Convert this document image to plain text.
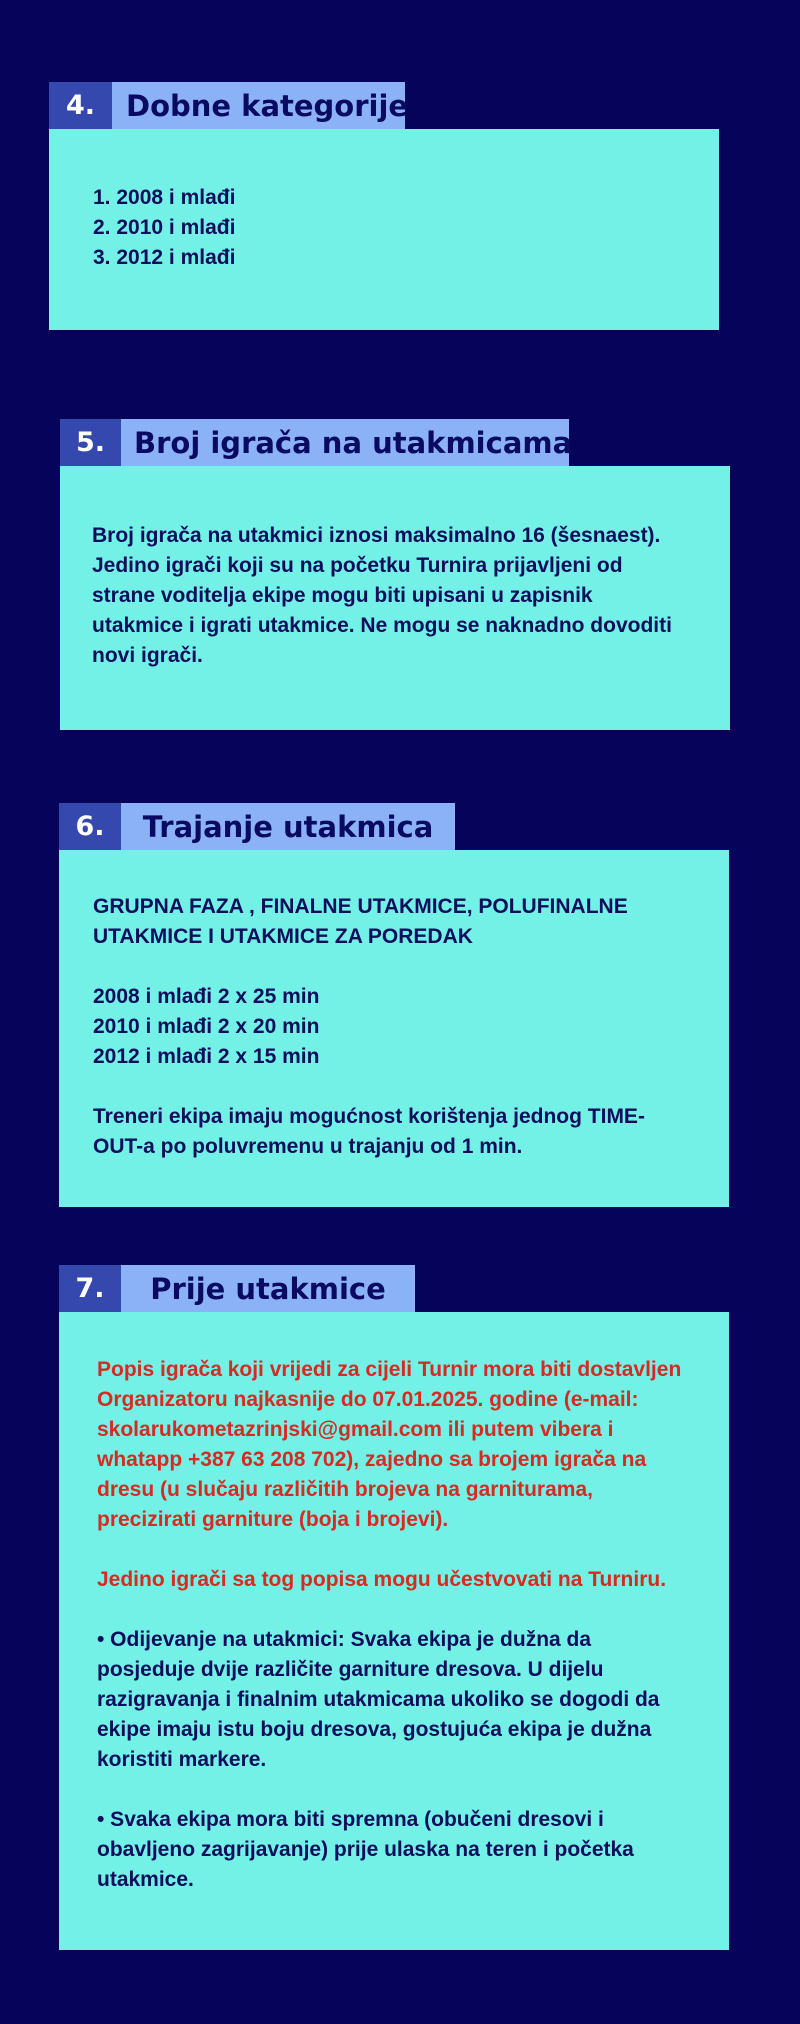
4.	Dobne kategorije

1. 2008 i mlađi

2. 2010 i mlađi

3. 2012 i mlađi

5. Broj igrača na utakmicama

Broj igrača na utakmici iznosi maksimalno 16 (šesnaest). Jedino igrači koji su na početku Turnira prijavljeni od strane voditelja ekipe mogu biti upisani u zapisnik utakmice i igrati utakmice. Ne mogu se naknadno dovoditi novi igrači.

6.	Trajanje utakmica

GRUPNA FAZA , FINALNE UTAKMICE, POLUFINALNE UTAKMICE I UTAKMICE ZA POREDAK

2008 i mlađi 2 x 25 min

2010 i mlađi 2 x 20 min

2012 i mlađi 2 x 15 min

Treneri ekipa imaju mogućnost korištenja jednog TIME-OUT-a po poluvremenu u trajanju od 1 min.

7.	Prije utakmice

Popis igrača koji vrijedi za cijeli Turnir mora biti dostavljen Organizatoru najkasnije do 07.01.2025. godine (e-mail: skolarukometazrinjski@gmail.com ili putem vibera i whatapp +387 63 208 702), zajedno sa brojem igrača na dresu (u slučaju različitih brojeva na garniturama, precizirati garniture (boja i brojevi).

Jedino igrači sa tog popisa mogu učestvovati na Turniru.

• Odijevanje na utakmici: Svaka ekipa je dužna da posjeduje dvije različite garniture dresova. U dijelu razigravanja i finalnim utakmicama ukoliko se dogodi da ekipe imaju istu boju dresova, gostujuća ekipa je dužna koristiti markere.

• Svaka ekipa mora biti spremna (obučeni dresovi i obavljeno zagrijavanje) prije ulaska na teren i početka utakmice.
